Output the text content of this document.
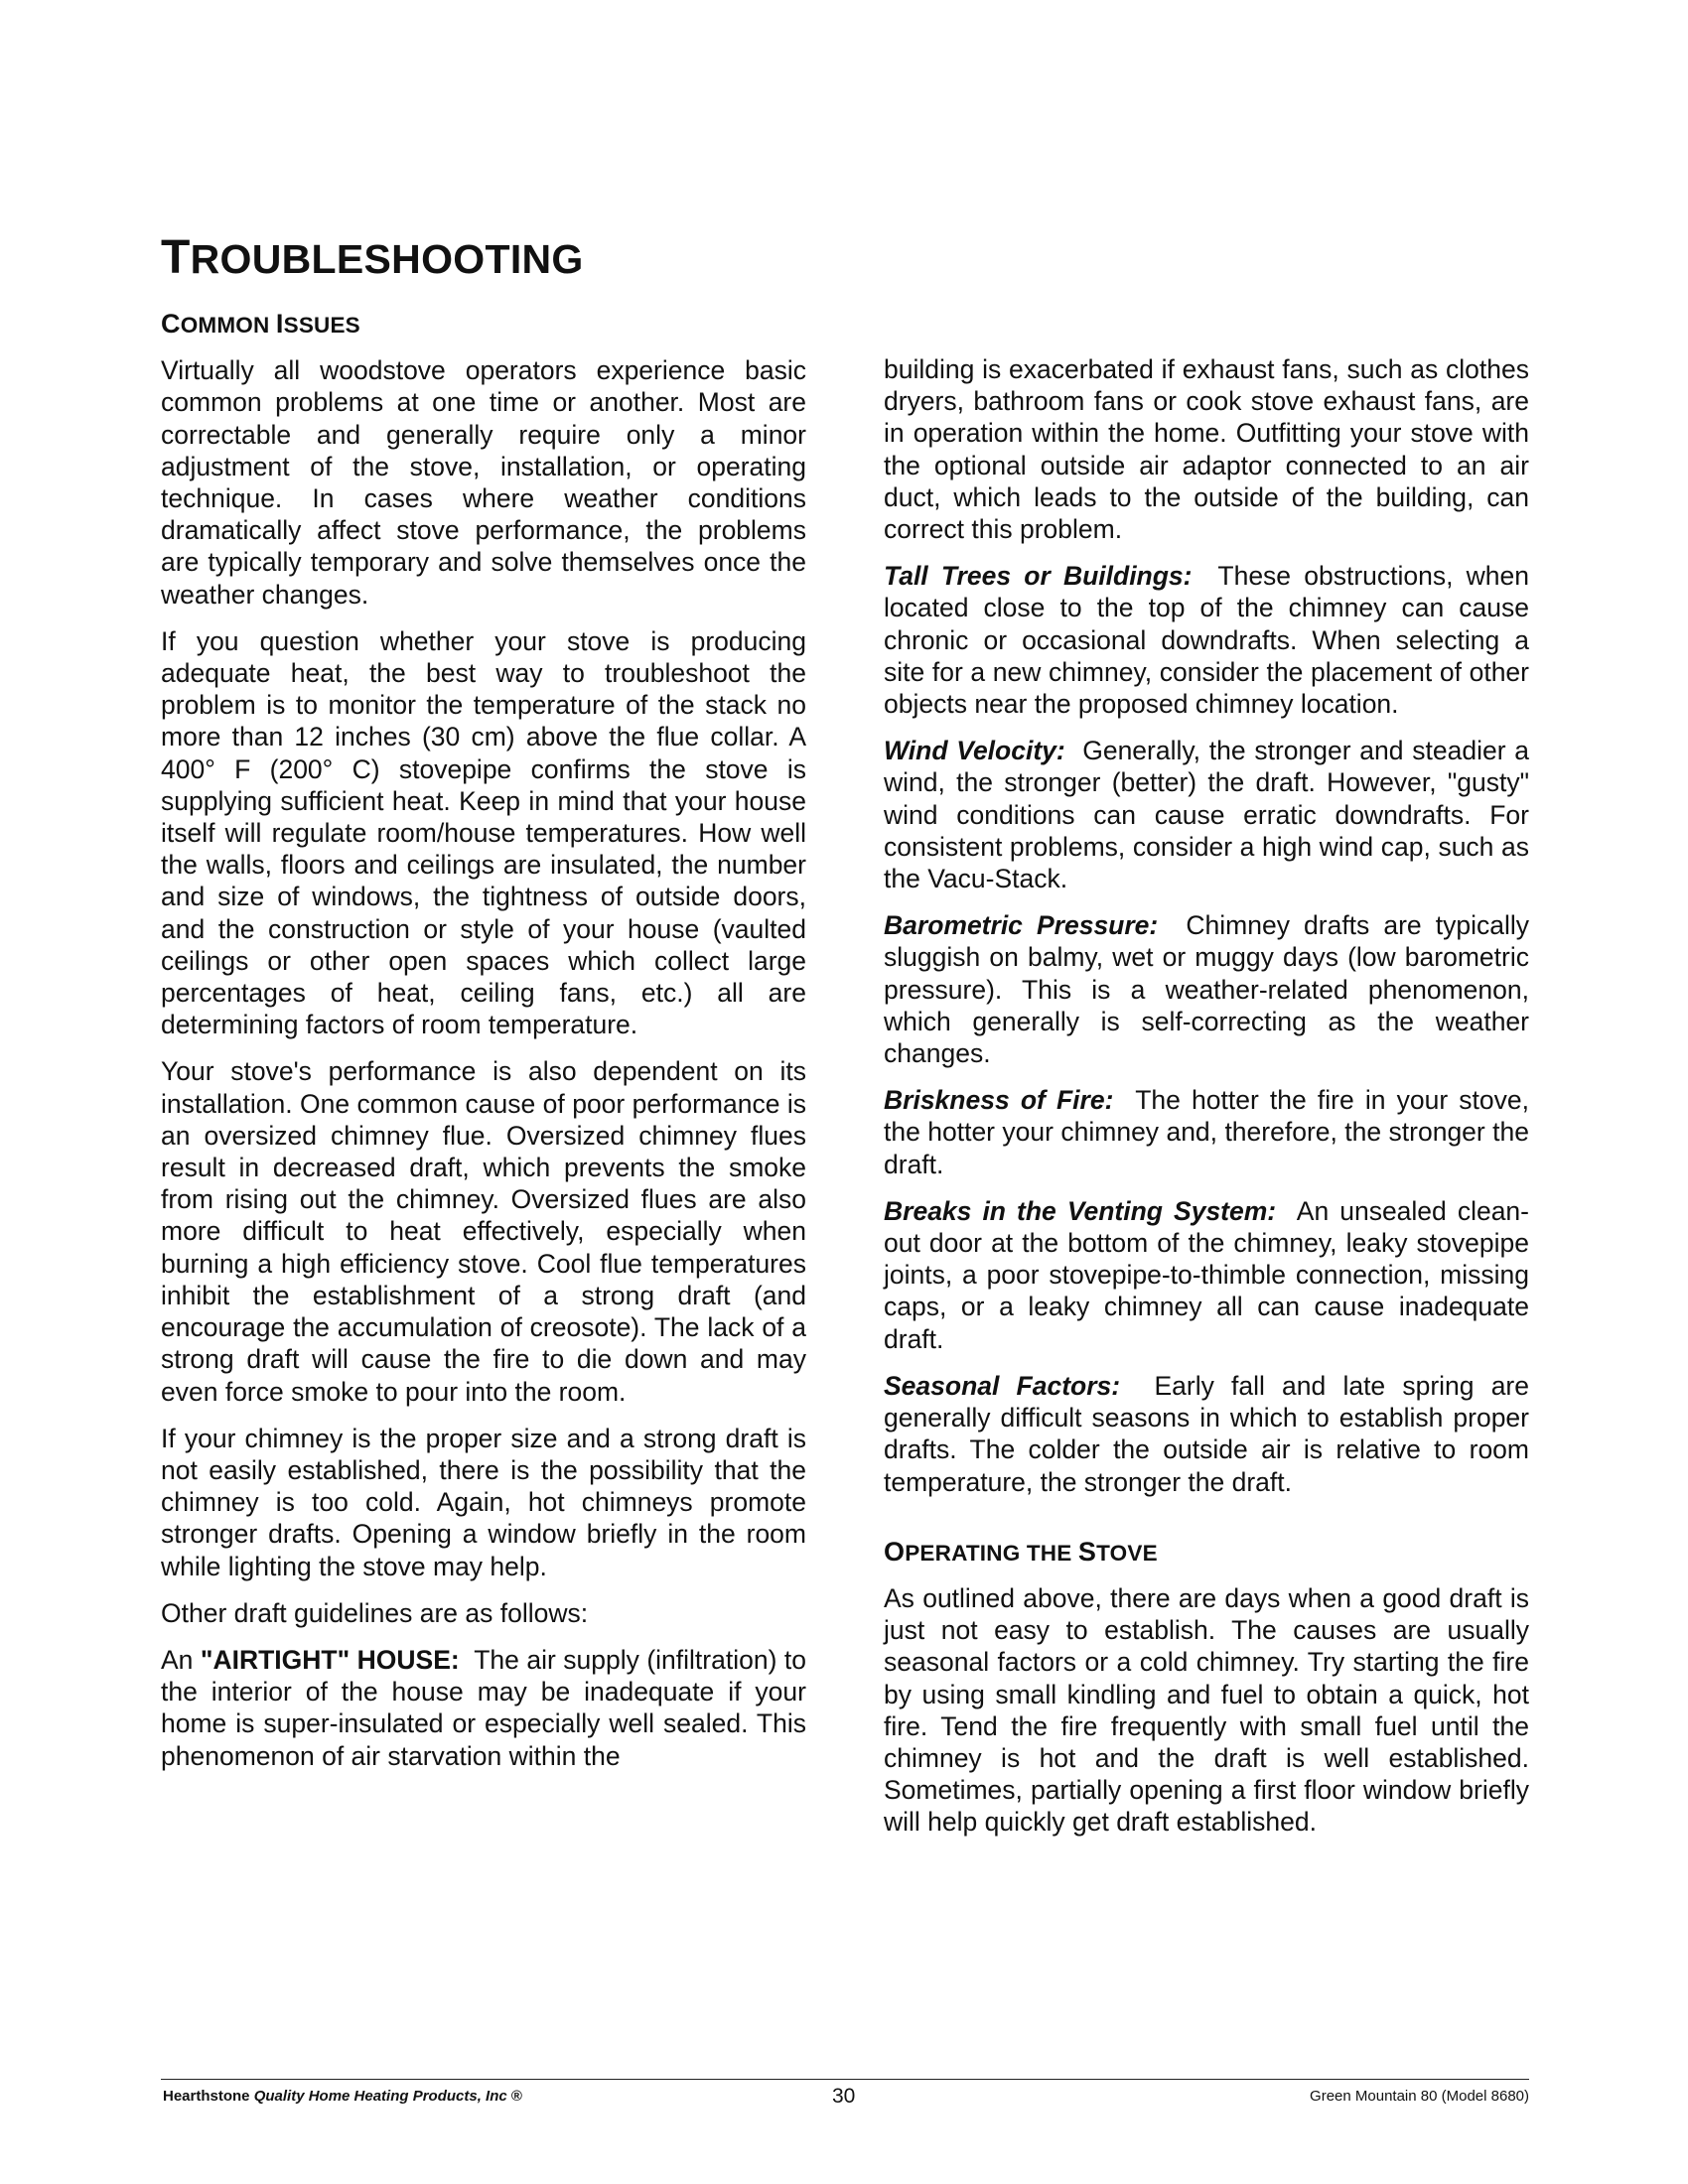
TROUBLESHOOTING
COMMON ISSUES

Virtually all woodstove operators experience basic common problems at one time or another. Most are correctable and generally require only a minor adjustment of the stove, installation, or operating technique. In cases where weather conditions dramatically affect stove performance, the problems are typically temporary and solve themselves once the weather changes.

If you question whether your stove is producing adequate heat, the best way to troubleshoot the problem is to monitor the temperature of the stack no more than 12 inches (30 cm) above the flue collar. A 400° F (200° C) stovepipe confirms the stove is supplying sufficient heat. Keep in mind that your house itself will regulate room/house temperatures. How well the walls, floors and ceilings are insulated, the number and size of windows, the tightness of outside doors, and the construction or style of your house (vaulted ceilings or other open spaces which collect large percentages of heat, ceiling fans, etc.) all are determining factors of room temperature.

Your stove's performance is also dependent on its installation. One common cause of poor performance is an oversized chimney flue. Oversized chimney flues result in decreased draft, which prevents the smoke from rising out the chimney. Oversized flues are also more difficult to heat effectively, especially when burning a high efficiency stove. Cool flue temperatures inhibit the establishment of a strong draft (and encourage the accumulation of creosote). The lack of a strong draft will cause the fire to die down and may even force smoke to pour into the room.

If your chimney is the proper size and a strong draft is not easily established, there is the possibility that the chimney is too cold. Again, hot chimneys promote stronger drafts. Opening a window briefly in the room while lighting the stove may help.

Other draft guidelines are as follows:

An "AIRTIGHT" HOUSE: The air supply (infiltration) to the interior of the house may be inadequate if your home is super-insulated or especially well sealed. This phenomenon of air starvation within the

building is exacerbated if exhaust fans, such as clothes dryers, bathroom fans or cook stove exhaust fans, are in operation within the home. Outfitting your stove with the optional outside air adaptor connected to an air duct, which leads to the outside of the building, can correct this problem.

Tall Trees or Buildings: These obstructions, when located close to the top of the chimney can cause chronic or occasional downdrafts. When selecting a site for a new chimney, consider the placement of other objects near the proposed chimney location.

Wind Velocity: Generally, the stronger and steadier a wind, the stronger (better) the draft. However, "gusty" wind conditions can cause erratic downdrafts. For consistent problems, consider a high wind cap, such as the Vacu-Stack.

Barometric Pressure: Chimney drafts are typically sluggish on balmy, wet or muggy days (low barometric pressure). This is a weather-related phenomenon, which generally is self-correcting as the weather changes.

Briskness of Fire: The hotter the fire in your stove, the hotter your chimney and, therefore, the stronger the draft.

Breaks in the Venting System: An unsealed clean-out door at the bottom of the chimney, leaky stovepipe joints, a poor stovepipe-to-thimble connection, missing caps, or a leaky chimney all can cause inadequate draft.

Seasonal Factors: Early fall and late spring are generally difficult seasons in which to establish proper drafts. The colder the outside air is relative to room temperature, the stronger the draft.

OPERATING THE STOVE

As outlined above, there are days when a good draft is just not easy to establish. The causes are usually seasonal factors or a cold chimney. Try starting the fire by using small kindling and fuel to obtain a quick, hot fire. Tend the fire frequently with small fuel until the chimney is hot and the draft is well established. Sometimes, partially opening a first floor window briefly will help quickly get draft established.

Hearthstone Quality Home Heating Products, Inc ®	30	Green Mountain 80 (Model 8680)
